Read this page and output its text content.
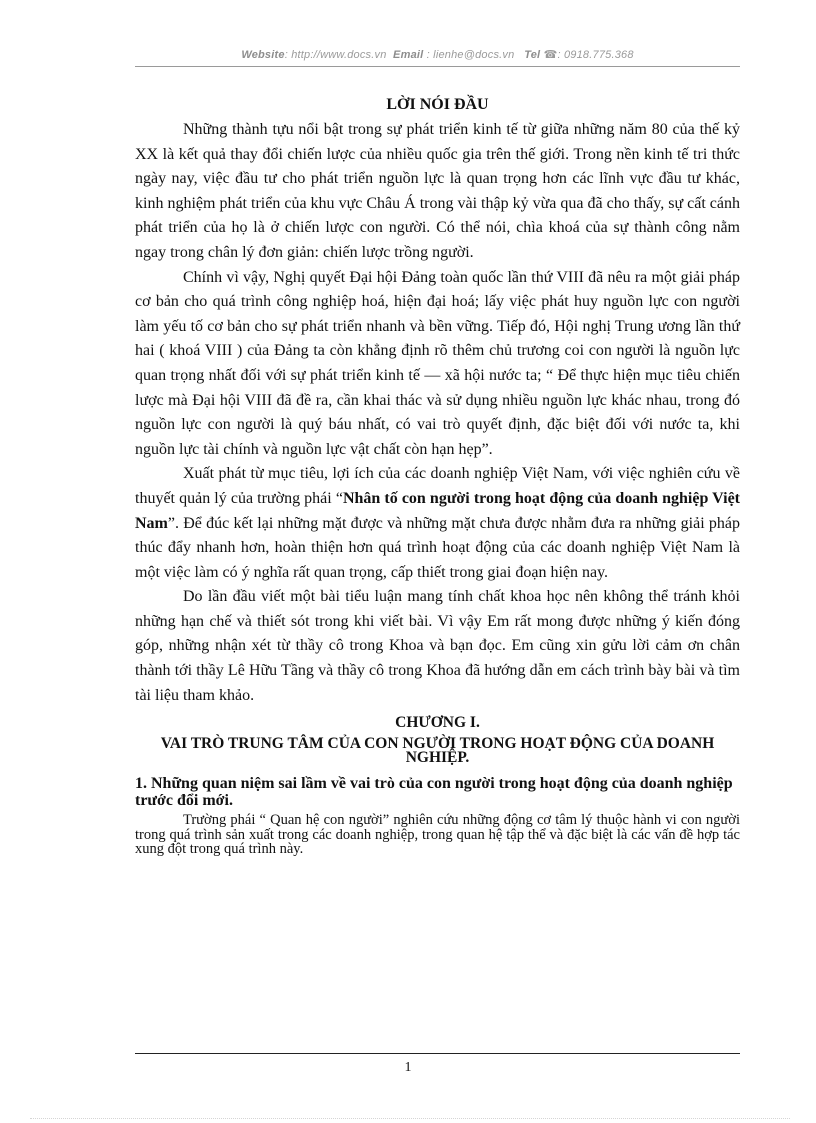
Website: http://www.docs.vn Email : lienhe@docs.vn Tel ☎: 0918.775.368
LỜI NÓI ĐẦU

Những thành tựu nổi bật trong sự phát triển kinh tế từ giữa những năm 80 của thế kỷ XX là kết quả thay đổi chiến lược của nhiều quốc gia trên thế giới. Trong nền kinh tế tri thức ngày nay, việc đầu tư cho phát triển nguồn lực là quan trọng hơn các lĩnh vực đầu tư khác, kinh nghiệm phát triển của khu vực Châu Á trong vài thập kỷ vừa qua đã cho thấy, sự cất cánh phát triển của họ là ở chiến lược con người. Có thể nói, chìa khoá của sự thành công nằm ngay trong chân lý đơn giản: chiến lược trồng người.

Chính vì vậy, Nghị quyết Đại hội Đảng toàn quốc lần thứ VIII đã nêu ra một giải pháp cơ bản cho quá trình công nghiệp hoá, hiện đại hoá; lấy việc phát huy nguồn lực con người làm yếu tố cơ bản cho sự phát triển nhanh và bền vững. Tiếp đó, Hội nghị Trung ương lần thứ hai ( khoá VIII ) của Đảng ta còn khẳng định rõ thêm chủ trương coi con người là nguồn lực quan trọng nhất đối với sự phát triển kinh tế — xã hội nước ta; “ Để thực hiện mục tiêu chiến lược mà Đại hội VIII đã đề ra, cần khai thác và sử dụng nhiều nguồn lực khác nhau, trong đó nguồn lực con người là quý báu nhất, có vai trò quyết định, đặc biệt đối với nước ta, khi nguồn lực tài chính và nguồn lực vật chất còn hạn hẹp”.

Xuất phát từ mục tiêu, lợi ích của các doanh nghiệp Việt Nam, với việc nghiên cứu về thuyết quản lý của trường phái “Nhân tố con người trong hoạt động của doanh nghiệp Việt Nam”. Để đúc kết lại những mặt được và những mặt chưa được nhằm đưa ra những giải pháp thúc đẩy nhanh hơn, hoàn thiện hơn quá trình hoạt động của các doanh nghiệp Việt Nam là một việc làm có ý nghĩa rất quan trọng, cấp thiết trong giai đoạn hiện nay.

Do lần đầu viết một bài tiểu luận mang tính chất khoa học nên không thể tránh khỏi những hạn chế và thiết sót trong khi viết bài. Vì vậy Em rất mong được những ý kiến đóng góp, những nhận xét từ thầy cô trong Khoa và bạn đọc. Em cũng xin gửu lời cảm ơn chân thành tới thầy Lê Hữu Tầng và thầy cô trong Khoa đã hướng dẫn em cách trình bày bài và tìm tài liệu tham khảo.

CHƯƠNG I.
VAI TRÒ TRUNG TÂM CỦA CON NGƯỜI TRONG HOẠT ĐỘNG CỦA DOANH NGHIỆP.
1. Những quan niệm sai lầm về vai trò của con người trong hoạt động của doanh nghiệp trước đổi mới.

Trường phái “ Quan hệ con người” nghiên cứu những động cơ tâm lý thuộc hành vi con người trong quá trình sản xuất trong các doanh nghiệp, trong quan hệ tập thể và đặc biệt là các vấn đề hợp tác xung đột trong quá trình này.

1
